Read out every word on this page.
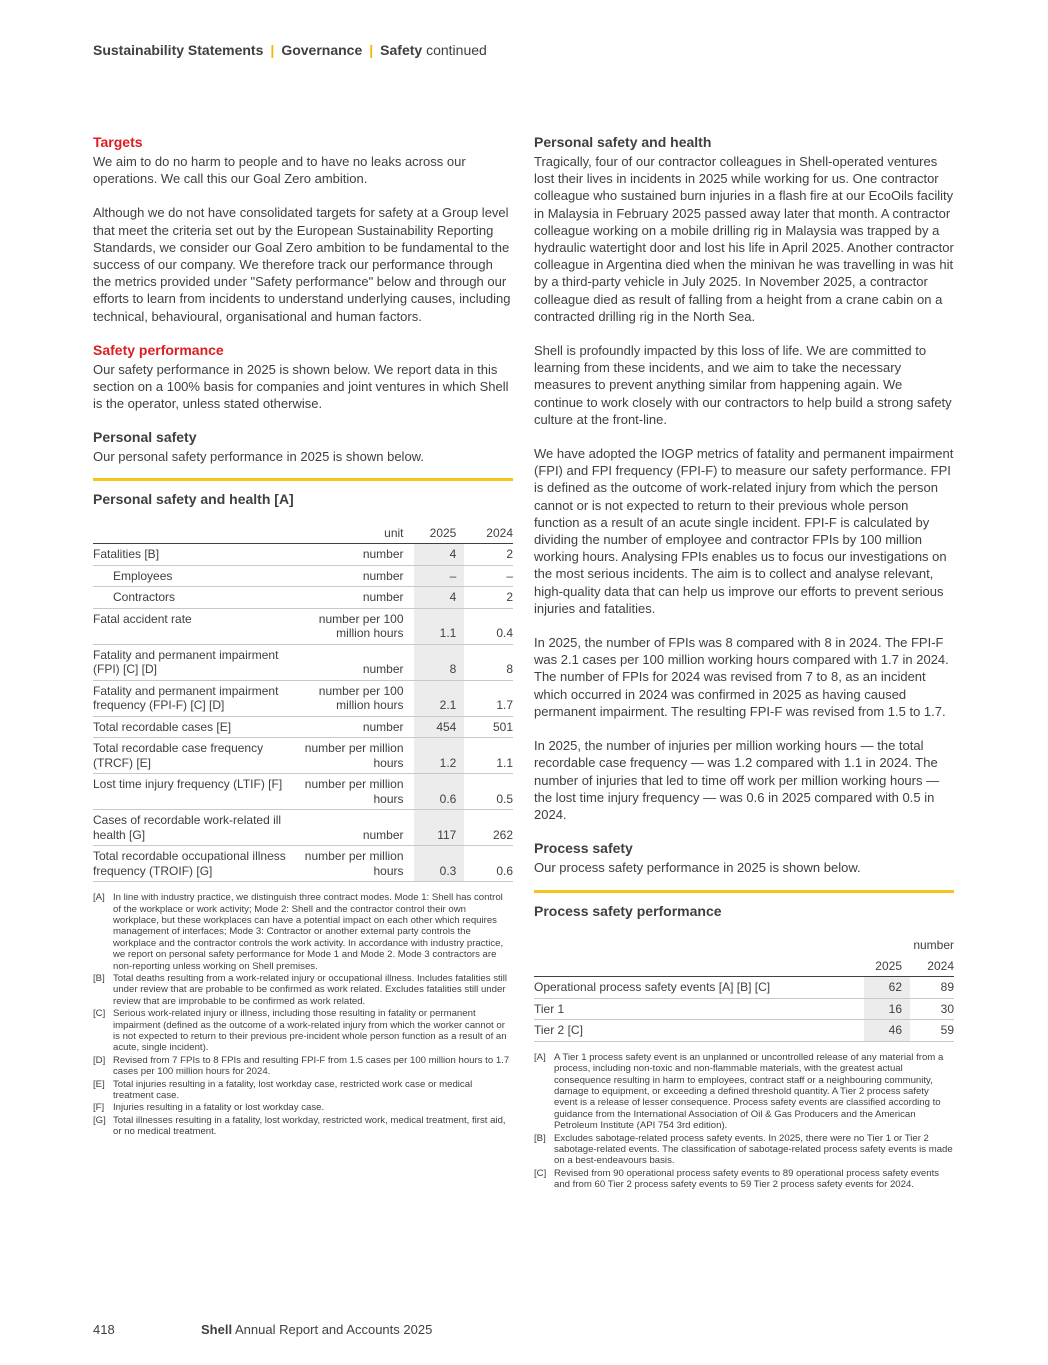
Sustainability Statements | Governance | Safety continued
Targets

We aim to do no harm to people and to have no leaks across our operations. We call this our Goal Zero ambition.

Although we do not have consolidated targets for safety at a Group level that meet the criteria set out by the European Sustainability Reporting Standards, we consider our Goal Zero ambition to be fundamental to the success of our company. We therefore track our performance through the metrics provided under "Safety performance" below and through our efforts to learn from incidents to understand underlying causes, including technical, behavioural, organisational and human factors.

Safety performance

Our safety performance in 2025 is shown below. We report data in this section on a 100% basis for companies and joint ventures in which Shell is the operator, unless stated otherwise.

Personal safety

Our personal safety performance in 2025 is shown below.

Personal safety and health [A]
	unit	2025	2024
Fatalities [B]	number	4	2
Employees	number	–	–
Contractors	number	4	2
Fatal accident rate	number per 100 million hours	1.1	0.4
Fatality and permanent impairment (FPI) [C] [D]	number	8	8
Fatality and permanent impairment frequency (FPI-F) [C] [D]	number per 100 million hours	2.1	1.7
Total recordable cases [E]	number	454	501
Total recordable case frequency (TRCF) [E]	number per million hours	1.2	1.1
Lost time injury frequency (LTIF) [F]	number per million hours	0.6	0.5
Cases of recordable work-related ill health [G]	number	117	262
Total recordable occupational illness frequency (TROIF) [G]	number per million hours	0.3	0.6
[A] In line with industry practice, we distinguish three contract modes. Mode 1: Shell has control of the workplace or work activity; Mode 2: Shell and the contractor control their own workplace, but these workplaces can have a potential impact on each other which requires management of interfaces; Mode 3: Contractor or another external party controls the workplace and the contractor controls the work activity. In accordance with industry practice, we report on personal safety performance for Mode 1 and Mode 2. Mode 3 contractors are non-reporting unless working on Shell premises.
[B] Total deaths resulting from a work-related injury or occupational illness. Includes fatalities still under review that are probable to be confirmed as work related. Excludes fatalities still under review that are improbable to be confirmed as work related.
[C] Serious work-related injury or illness, including those resulting in fatality or permanent impairment (defined as the outcome of a work-related injury from which the worker cannot or is not expected to return to their previous pre-incident whole person function as a result of an acute, single incident).
[D] Revised from 7 FPIs to 8 FPIs and resulting FPI-F from 1.5 cases per 100 million hours to 1.7 cases per 100 million hours for 2024.
[E] Total injuries resulting in a fatality, lost workday case, restricted work case or medical treatment case.
[F] Injuries resulting in a fatality or lost workday case.
[G] Total illnesses resulting in a fatality, lost workday, restricted work, medical treatment, first aid, or no medical treatment.
Personal safety and health

Tragically, four of our contractor colleagues in Shell-operated ventures lost their lives in incidents in 2025 while working for us. One contractor colleague who sustained burn injuries in a flash fire at our EcoOils facility in Malaysia in February 2025 passed away later that month. A contractor colleague working on a mobile drilling rig in Malaysia was trapped by a hydraulic watertight door and lost his life in April 2025. Another contractor colleague in Argentina died when the minivan he was travelling in was hit by a third-party vehicle in July 2025. In November 2025, a contractor colleague died as result of falling from a height from a crane cabin on a contracted drilling rig in the North Sea.

Shell is profoundly impacted by this loss of life. We are committed to learning from these incidents, and we aim to take the necessary measures to prevent anything similar from happening again. We continue to work closely with our contractors to help build a strong safety culture at the front-line.

We have adopted the IOGP metrics of fatality and permanent impairment (FPI) and FPI frequency (FPI-F) to measure our safety performance. FPI is defined as the outcome of work-related injury from which the person cannot or is not expected to return to their previous whole person function as a result of an acute single incident. FPI-F is calculated by dividing the number of employee and contractor FPIs by 100 million working hours. Analysing FPIs enables us to focus our investigations on the most serious incidents. The aim is to collect and analyse relevant, high-quality data that can help us improve our efforts to prevent serious injuries and fatalities.

In 2025, the number of FPIs was 8 compared with 8 in 2024. The FPI-F was 2.1 cases per 100 million working hours compared with 1.7 in 2024. The number of FPIs for 2024 was revised from 7 to 8, as an incident which occurred in 2024 was confirmed in 2025 as having caused permanent impairment. The resulting FPI-F was revised from 1.5 to 1.7.

In 2025, the number of injuries per million working hours — the total recordable case frequency — was 1.2 compared with 1.1 in 2024. The number of injuries that led to time off work per million working hours — the lost time injury frequency — was 0.6 in 2025 compared with 0.5 in 2024.

Process safety

Our process safety performance in 2025 is shown below.

Process safety performance
		number
	2025	2024
Operational process safety events [A] [B] [C]	62	89
Tier 1	16	30
Tier 2 [C]	46	59
[A] A Tier 1 process safety event is an unplanned or uncontrolled release of any material from a process, including non-toxic and non-flammable materials, with the greatest actual consequence resulting in harm to employees, contract staff or a neighbouring community, damage to equipment, or exceeding a defined threshold quantity. A Tier 2 process safety event is a release of lesser consequence. Process safety events are classified according to guidance from the International Association of Oil & Gas Producers and the American Petroleum Institute (API 754 3rd edition).
[B] Excludes sabotage-related process safety events. In 2025, there were no Tier 1 or Tier 2 sabotage-related events. The classification of sabotage-related process safety events is made on a best-endeavours basis.
[C] Revised from 90 operational process safety events to 89 operational process safety events and from 60 Tier 2 process safety events to 59 Tier 2 process safety events for 2024.
418	Shell Annual Report and Accounts 2025
